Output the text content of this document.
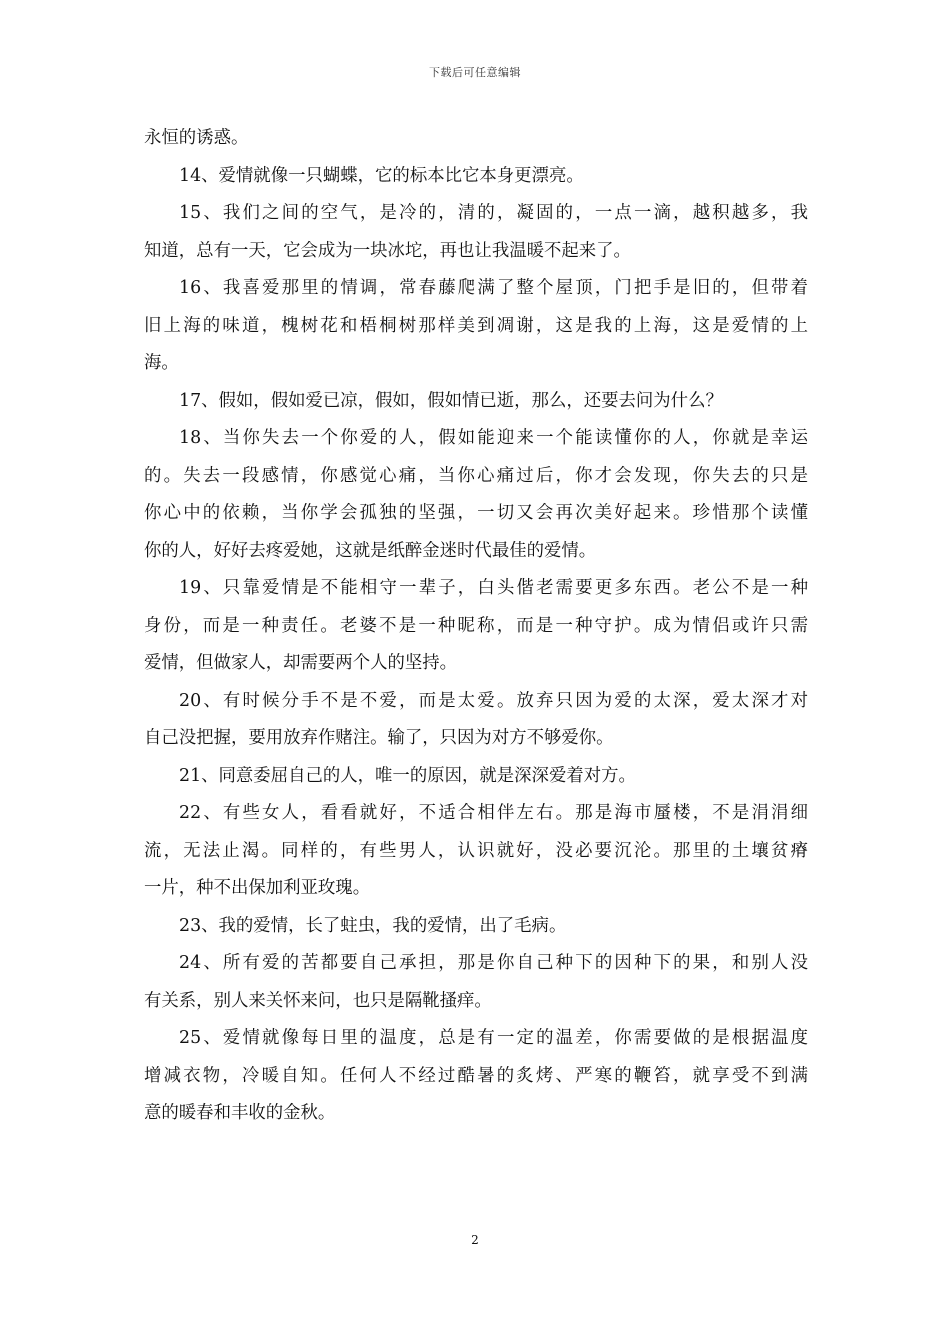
下载后可任意编辑
永恒的诱惑。
14、爱情就像一只蝴蝶，它的标本比它本身更漂亮。
15、我们之间的空气，是冷的，清的，凝固的，一点一滴，越积越多，我
知道，总有一天，它会成为一块冰坨，再也让我温暖不起来了。
16、我喜爱那里的情调，常春藤爬满了整个屋顶，门把手是旧的，但带着
旧上海的味道，槐树花和梧桐树那样美到凋谢，这是我的上海，这是爱情的上
海。
17、假如，假如爱已凉，假如，假如情已逝，那么，还要去问为什么？
18、当你失去一个你爱的人，假如能迎来一个能读懂你的人，你就是幸运
的。失去一段感情，你感觉心痛，当你心痛过后，你才会发现，你失去的只是
你心中的依赖，当你学会孤独的坚强，一切又会再次美好起来。珍惜那个读懂
你的人，好好去疼爱她，这就是纸醉金迷时代最佳的爱情。
19、只靠爱情是不能相守一辈子，白头偕老需要更多东西。老公不是一种
身份，而是一种责任。老婆不是一种昵称，而是一种守护。成为情侣或许只需
爱情，但做家人，却需要两个人的坚持。
20、有时候分手不是不爱，而是太爱。放弃只因为爱的太深，爱太深才对
自己没把握，要用放弃作赌注。输了，只因为对方不够爱你。
21、同意委屈自己的人，唯一的原因，就是深深爱着对方。
22、有些女人，看看就好，不适合相伴左右。那是海市蜃楼，不是涓涓细
流，无法止渴。同样的，有些男人，认识就好，没必要沉沦。那里的土壤贫瘠
一片，种不出保加利亚玫瑰。
23、我的爱情，长了蛀虫，我的爱情，出了毛病。
24、所有爱的苦都要自己承担，那是你自己种下的因种下的果，和别人没
有关系，别人来关怀来问，也只是隔靴搔痒。
25、爱情就像每日里的温度，总是有一定的温差，你需要做的是根据温度
增减衣物，冷暖自知。任何人不经过酷暑的炙烤、严寒的鞭笞，就享受不到满
意的暖春和丰收的金秋。
2
